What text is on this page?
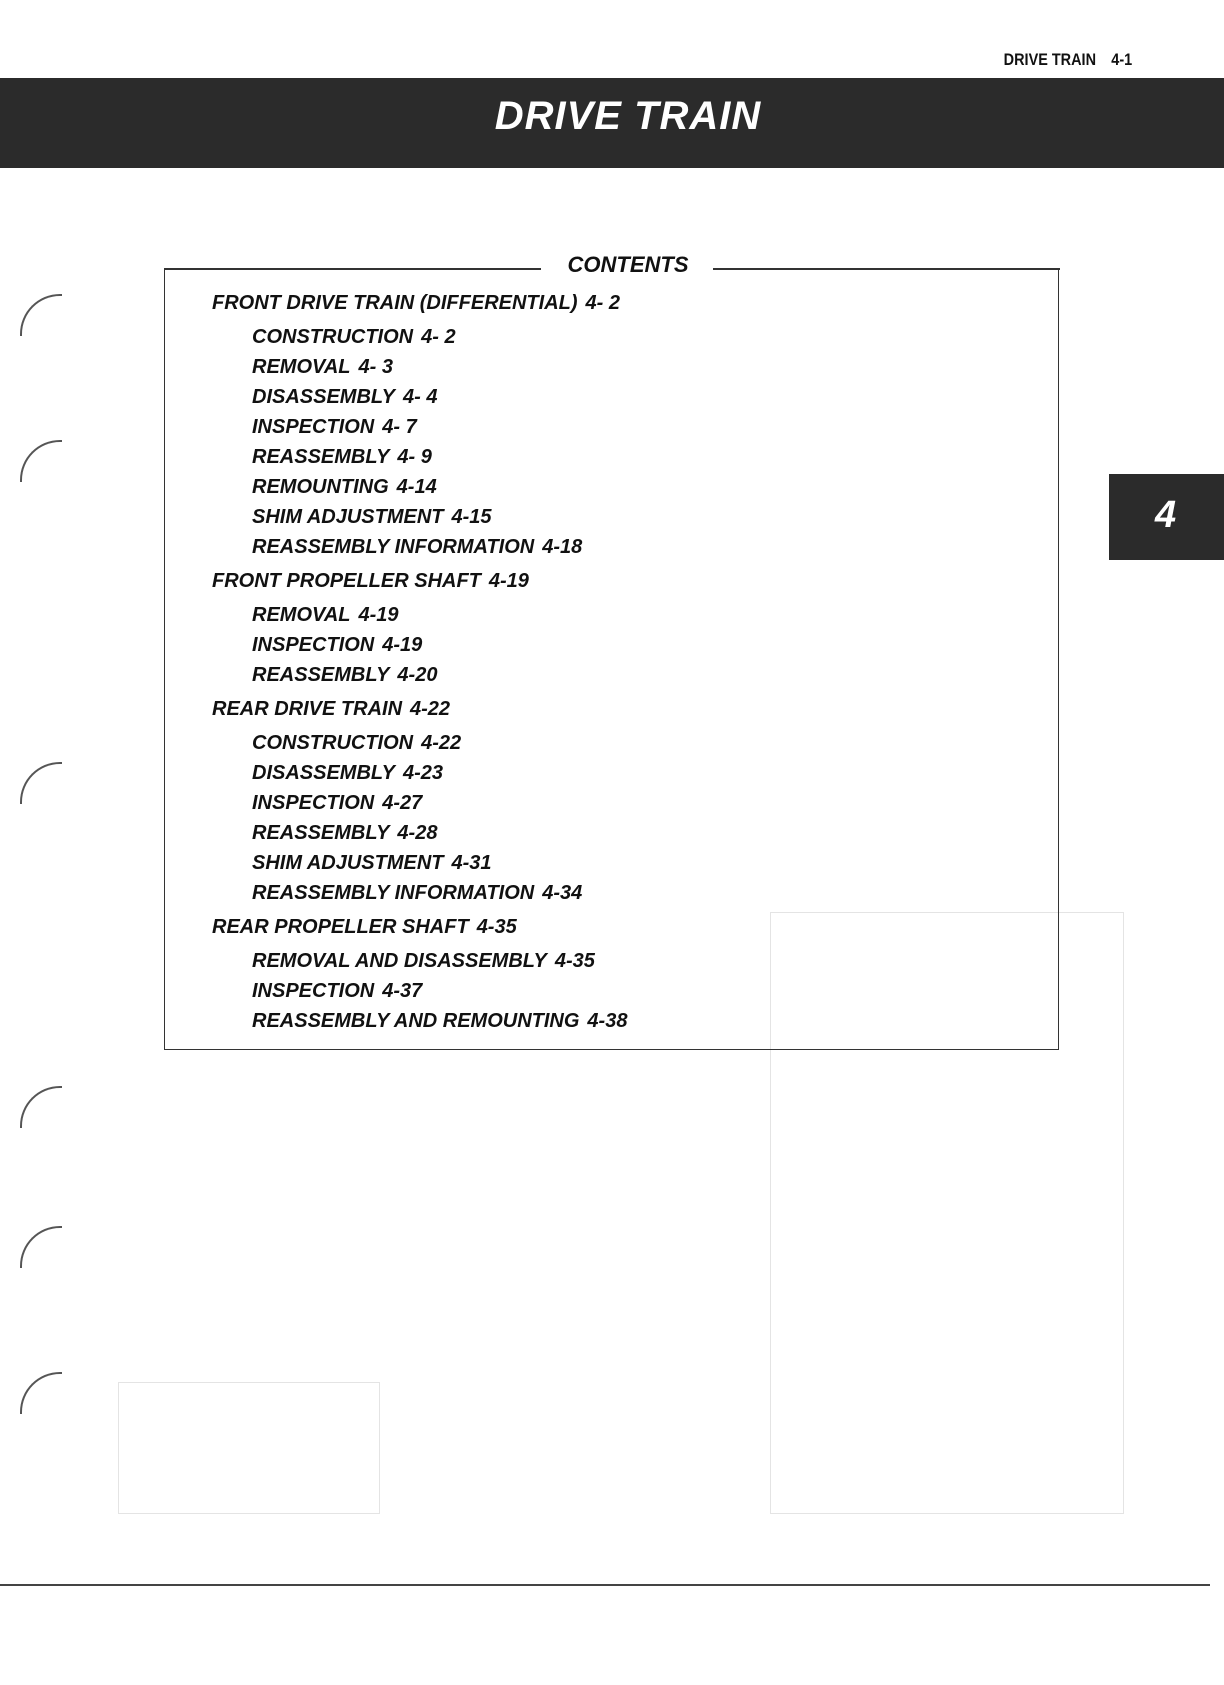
DRIVE TRAIN 4-1
DRIVE TRAIN
4
CONTENTS
FRONT DRIVE TRAIN (DIFFERENTIAL) 4- 2
CONSTRUCTION 4- 2
REMOVAL 4- 3
DISASSEMBLY 4- 4
INSPECTION 4- 7
REASSEMBLY 4- 9
REMOUNTING 4-14
SHIM ADJUSTMENT 4-15
REASSEMBLY INFORMATION 4-18
FRONT PROPELLER SHAFT 4-19
REMOVAL 4-19
INSPECTION 4-19
REASSEMBLY 4-20
REAR DRIVE TRAIN 4-22
CONSTRUCTION 4-22
DISASSEMBLY 4-23
INSPECTION 4-27
REASSEMBLY 4-28
SHIM ADJUSTMENT 4-31
REASSEMBLY INFORMATION 4-34
REAR PROPELLER SHAFT 4-35
REMOVAL AND DISASSEMBLY 4-35
INSPECTION 4-37
REASSEMBLY AND REMOUNTING 4-38
